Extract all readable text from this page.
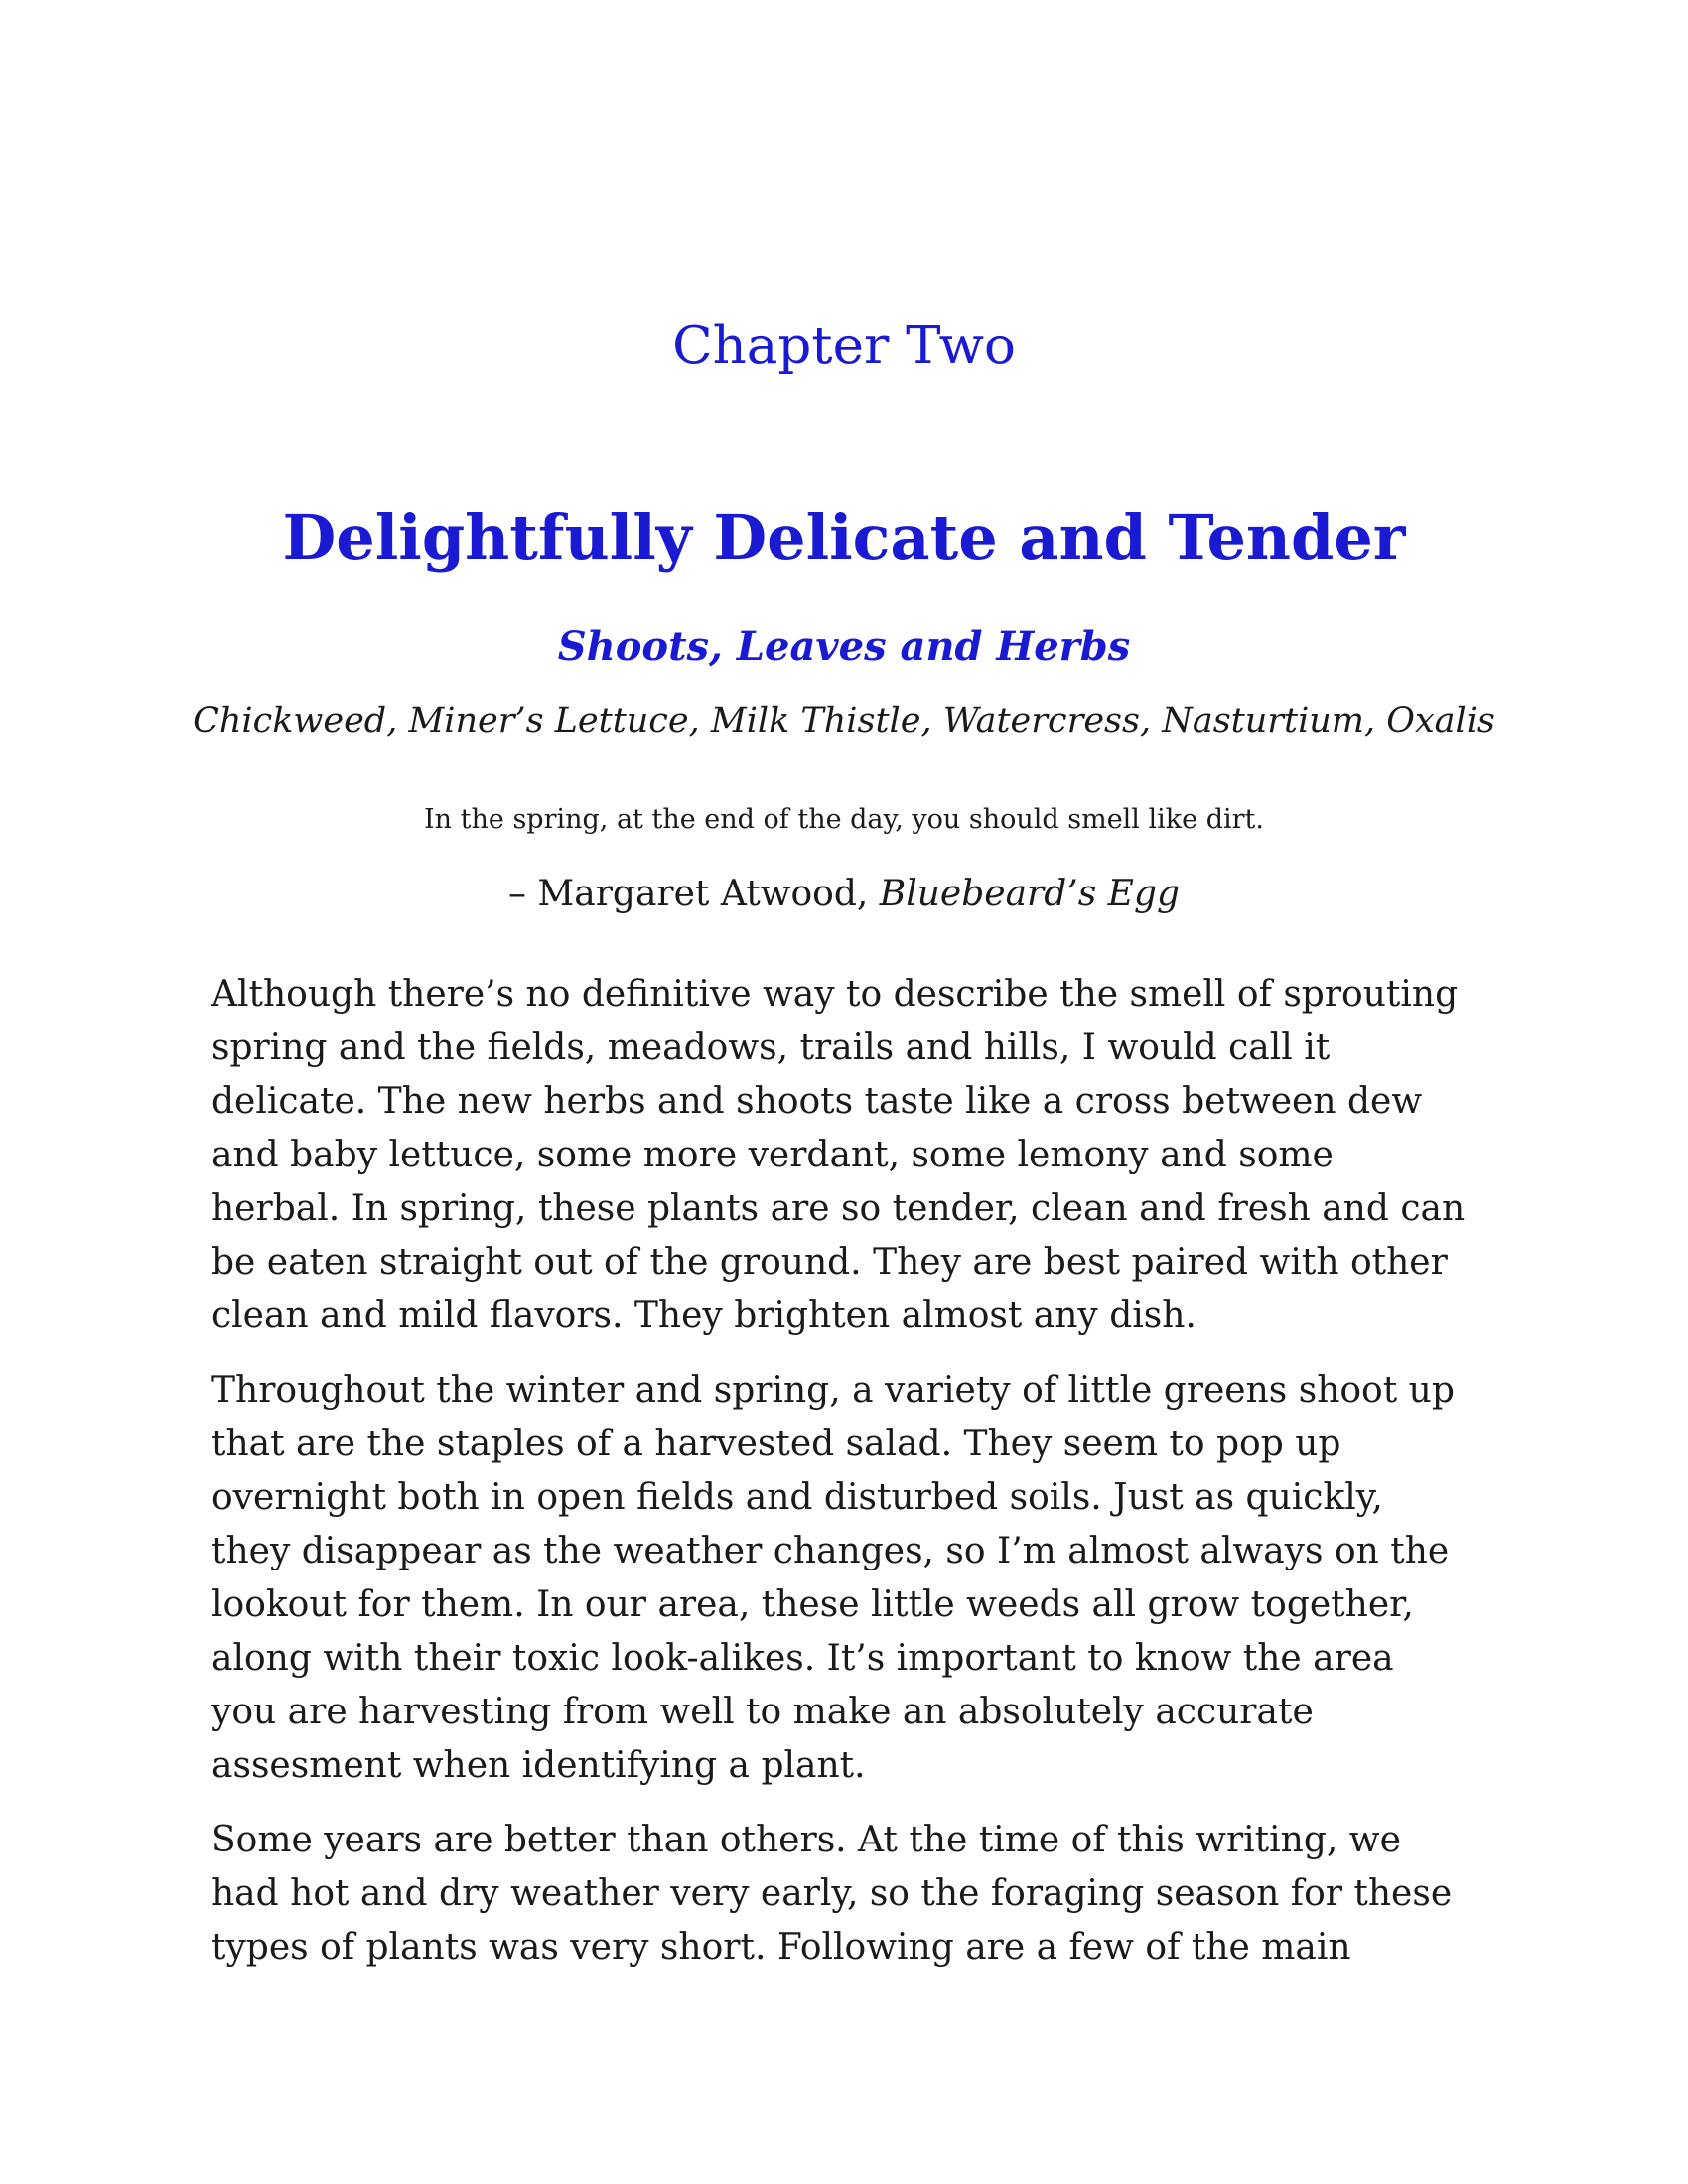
Chapter Two
Delightfully Delicate and Tender
Shoots, Leaves and Herbs
Chickweed, Miner’s Lettuce, Milk Thistle, Watercress, Nasturtium, Oxalis
In the spring, at the end of the day, you should smell like dirt.
– Margaret Atwood, Bluebeard’s Egg

Although there’s no definitive way to describe the smell of sprouting
spring and the fields, meadows, trails and hills, I would call it
delicate. The new herbs and shoots taste like a cross between dew
and baby lettuce, some more verdant, some lemony and some
herbal. In spring, these plants are so tender, clean and fresh and can
be eaten straight out of the ground. They are best paired with other
clean and mild flavors. They brighten almost any dish.

Throughout the winter and spring, a variety of little greens shoot up
that are the staples of a harvested salad. They seem to pop up
overnight both in open fields and disturbed soils. Just as quickly,
they disappear as the weather changes, so I’m almost always on the
lookout for them. In our area, these little weeds all grow together,
along with their toxic look-alikes. It’s important to know the area
you are harvesting from well to make an absolutely accurate
assesment when identifying a plant.

Some years are better than others. At the time of this writing, we
had hot and dry weather very early, so the foraging season for these
types of plants was very short. Following are a few of the main
